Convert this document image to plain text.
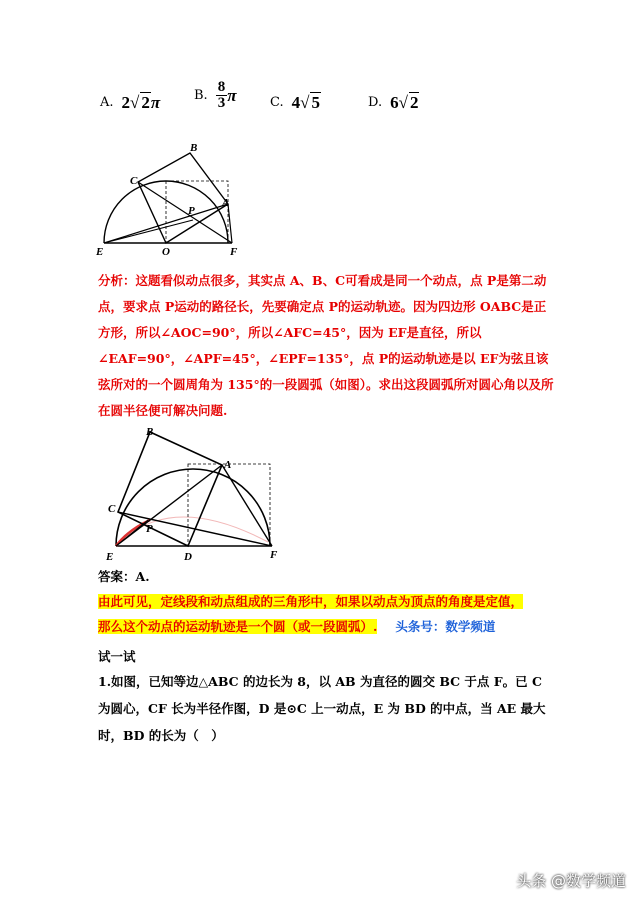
A. 2 √ 2 π	B. $\frac{8}{3}$ π	C. 4 √ 5	D. 6 √ 2
B
C
P
A
E	O	F
分析：这题看似动点很多，其实点 A、B、C可看成是同一个动点，点 P是第二动点，要求点 P运动的路径长，先要确定点 P的运动轨迹。因为四边形 OABC是正方形，所以∠AOC=90°，所以∠AFC=45°，因为 EF是直径，所以∠EAF=90°，∠APF=45°，∠EPF=135°，点 P的运动轨迹是以 EF为弦且该弦所对的一个圆周角为 135°的一段圆弧（如图）。求出这段圆弧所对圆心角以及所在圆半径便可解决问题.
B
A
C
P
E	D	F
答案：A.
由此可见，定线段和动点组成的三角形中，如果以动点为顶点的角度是定值，
那么这个动点的运动轨迹是一个圆（或一段圆弧）. 头条号：数学频道
试一试
1.如图，已知等边△ABC 的边长为 8，以 AB 为直径的圆交 BC 于点 F。已 C 为圆心，CF 长为半径作图，D 是⊙C 上一动点，E 为 BD 的中点，当 AE 最大时，BD 的长为（　）
头条 @数学频道
